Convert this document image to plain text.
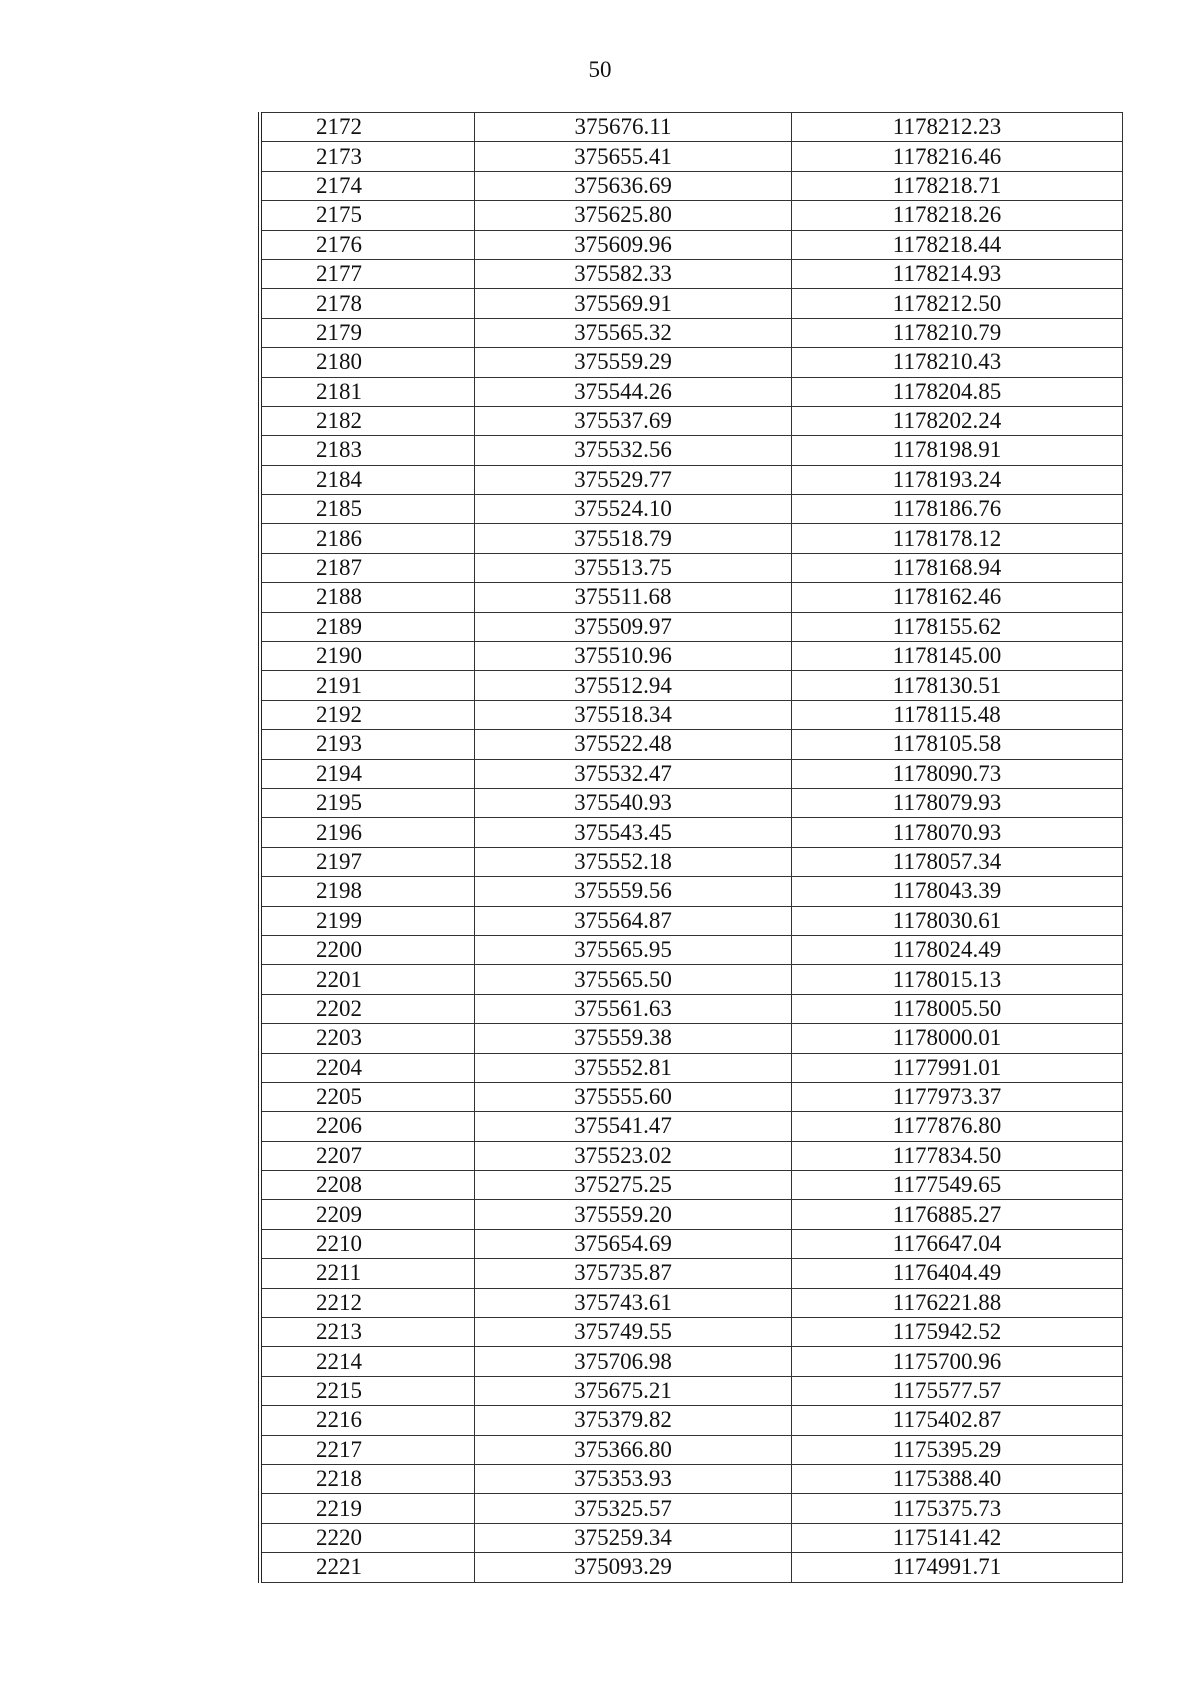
50
2172	375676.11	1178212.23
2173	375655.41	1178216.46
2174	375636.69	1178218.71
2175	375625.80	1178218.26
2176	375609.96	1178218.44
2177	375582.33	1178214.93
2178	375569.91	1178212.50
2179	375565.32	1178210.79
2180	375559.29	1178210.43
2181	375544.26	1178204.85
2182	375537.69	1178202.24
2183	375532.56	1178198.91
2184	375529.77	1178193.24
2185	375524.10	1178186.76
2186	375518.79	1178178.12
2187	375513.75	1178168.94
2188	375511.68	1178162.46
2189	375509.97	1178155.62
2190	375510.96	1178145.00
2191	375512.94	1178130.51
2192	375518.34	1178115.48
2193	375522.48	1178105.58
2194	375532.47	1178090.73
2195	375540.93	1178079.93
2196	375543.45	1178070.93
2197	375552.18	1178057.34
2198	375559.56	1178043.39
2199	375564.87	1178030.61
2200	375565.95	1178024.49
2201	375565.50	1178015.13
2202	375561.63	1178005.50
2203	375559.38	1178000.01
2204	375552.81	1177991.01
2205	375555.60	1177973.37
2206	375541.47	1177876.80
2207	375523.02	1177834.50
2208	375275.25	1177549.65
2209	375559.20	1176885.27
2210	375654.69	1176647.04
2211	375735.87	1176404.49
2212	375743.61	1176221.88
2213	375749.55	1175942.52
2214	375706.98	1175700.96
2215	375675.21	1175577.57
2216	375379.82	1175402.87
2217	375366.80	1175395.29
2218	375353.93	1175388.40
2219	375325.57	1175375.73
2220	375259.34	1175141.42
2221	375093.29	1174991.71
